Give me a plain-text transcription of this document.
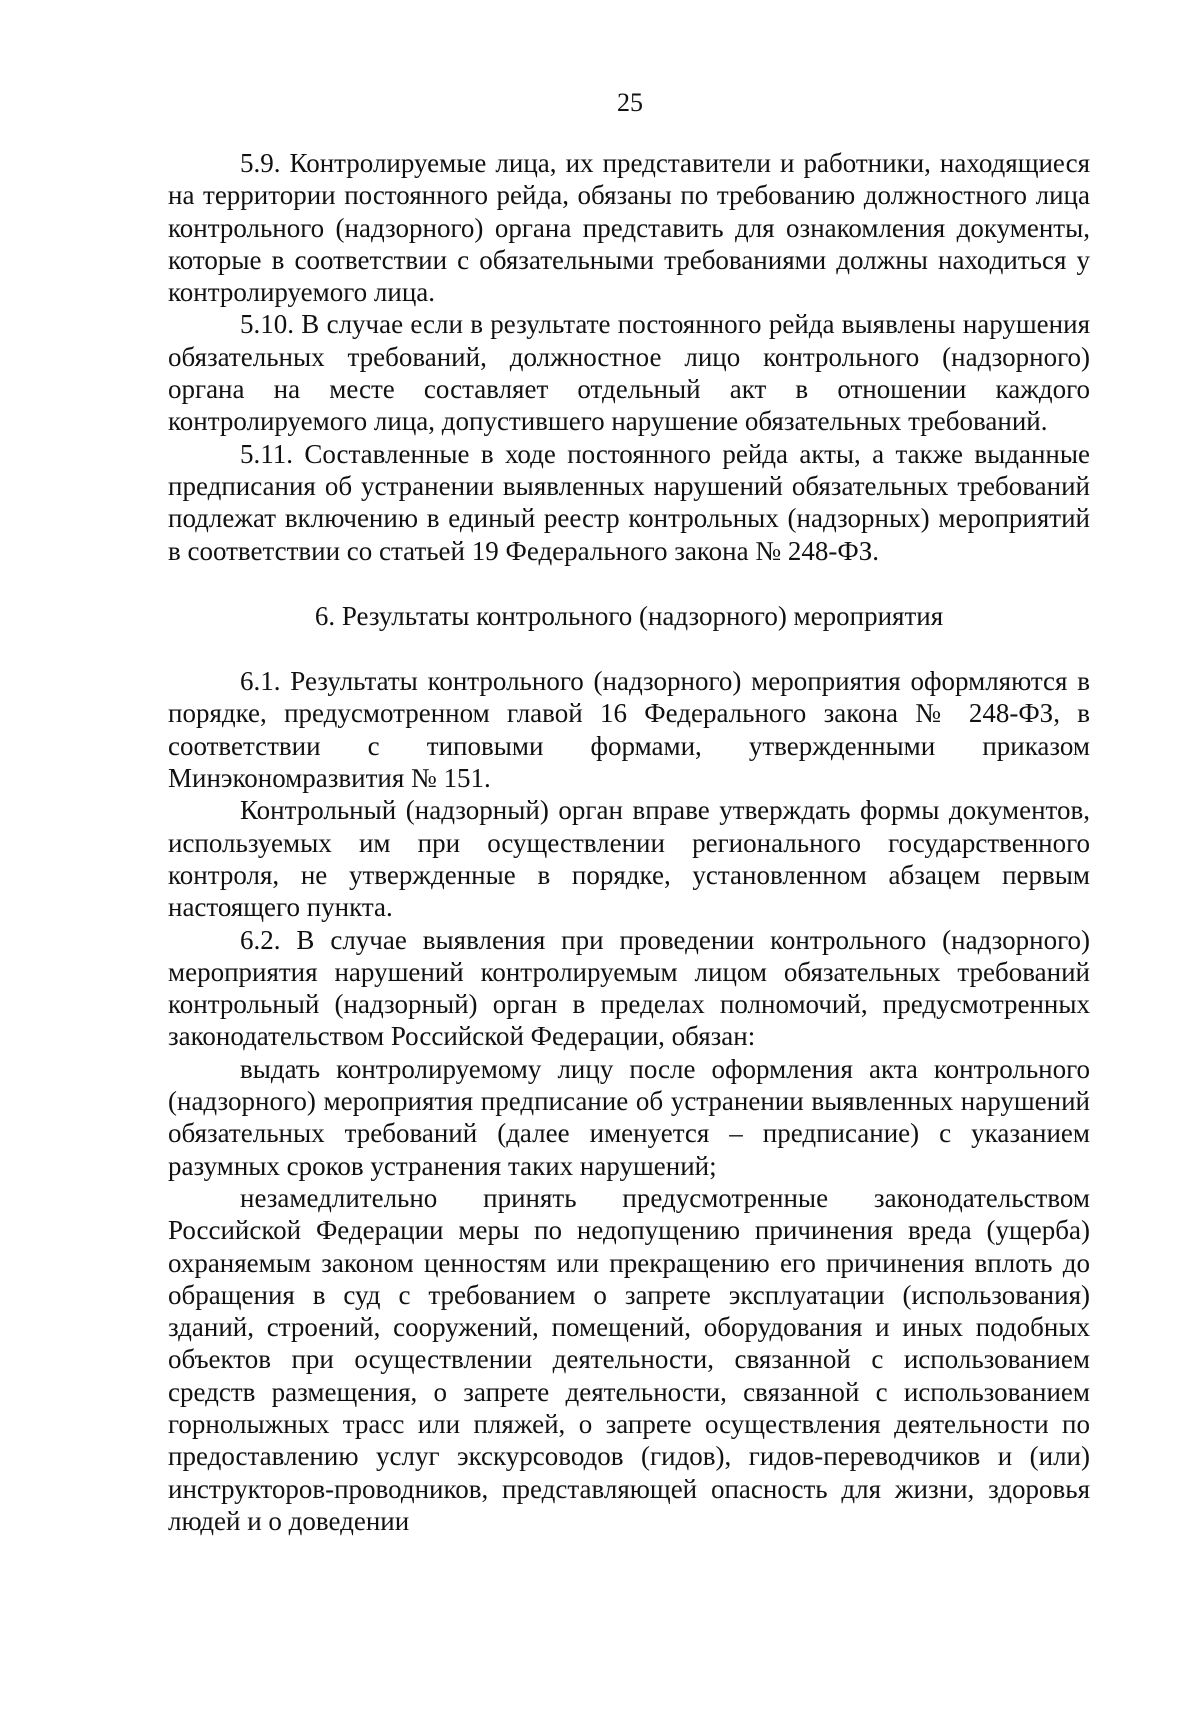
25

5.9. Контролируемые лица, их представители и работники, находящиеся на территории постоянного рейда, обязаны по требованию должностного лица контрольного (надзорного) органа представить для ознакомления документы, которые в соответствии с обязательными требованиями должны находиться у контролируемого лица.

5.10. В случае если в результате постоянного рейда выявлены нарушения обязательных требований, должностное лицо контрольного (надзорного) органа на месте составляет отдельный акт в отношении каждого контролируемого лица, допустившего нарушение обязательных требований.

5.11. Составленные в ходе постоянного рейда акты, а также выданные предписания об устранении выявленных нарушений обязательных требований подлежат включению в единый реестр контрольных (надзорных) мероприятий в соответствии со статьей 19 Федерального закона № 248-ФЗ.

6. Результаты контрольного (надзорного) мероприятия

6.1. Результаты контрольного (надзорного) мероприятия оформляются в порядке, предусмотренном главой 16 Федерального закона № 248-ФЗ, в соответствии с типовыми формами, утвержденными приказом Минэкономразвития № 151.

Контрольный (надзорный) орган вправе утверждать формы документов, используемых им при осуществлении регионального государственного контроля, не утвержденные в порядке, установленном абзацем первым настоящего пункта.

6.2. В случае выявления при проведении контрольного (надзорного) мероприятия нарушений контролируемым лицом обязательных требований контрольный (надзорный) орган в пределах полномочий, предусмотренных законодательством Российской Федерации, обязан:

выдать контролируемому лицу после оформления акта контрольного (надзорного) мероприятия предписание об устранении выявленных нарушений обязательных требований (далее именуется – предписание) с указанием разумных сроков устранения таких нарушений;

незамедлительно принять предусмотренные законодательством Российской Федерации меры по недопущению причинения вреда (ущерба) охраняемым законом ценностям или прекращению его причинения вплоть до обращения в суд с требованием о запрете эксплуатации (использования) зданий, строений, сооружений, помещений, оборудования и иных подобных объектов при осуществлении деятельности, связанной с использованием средств размещения, о запрете деятельности, связанной с использованием горнолыжных трасс или пляжей, о запрете осуществления деятельности по предоставлению услуг экскурсоводов (гидов), гидов-переводчиков и (или) инструкторов-проводников, представляющей опасность для жизни, здоровья людей и о доведении
